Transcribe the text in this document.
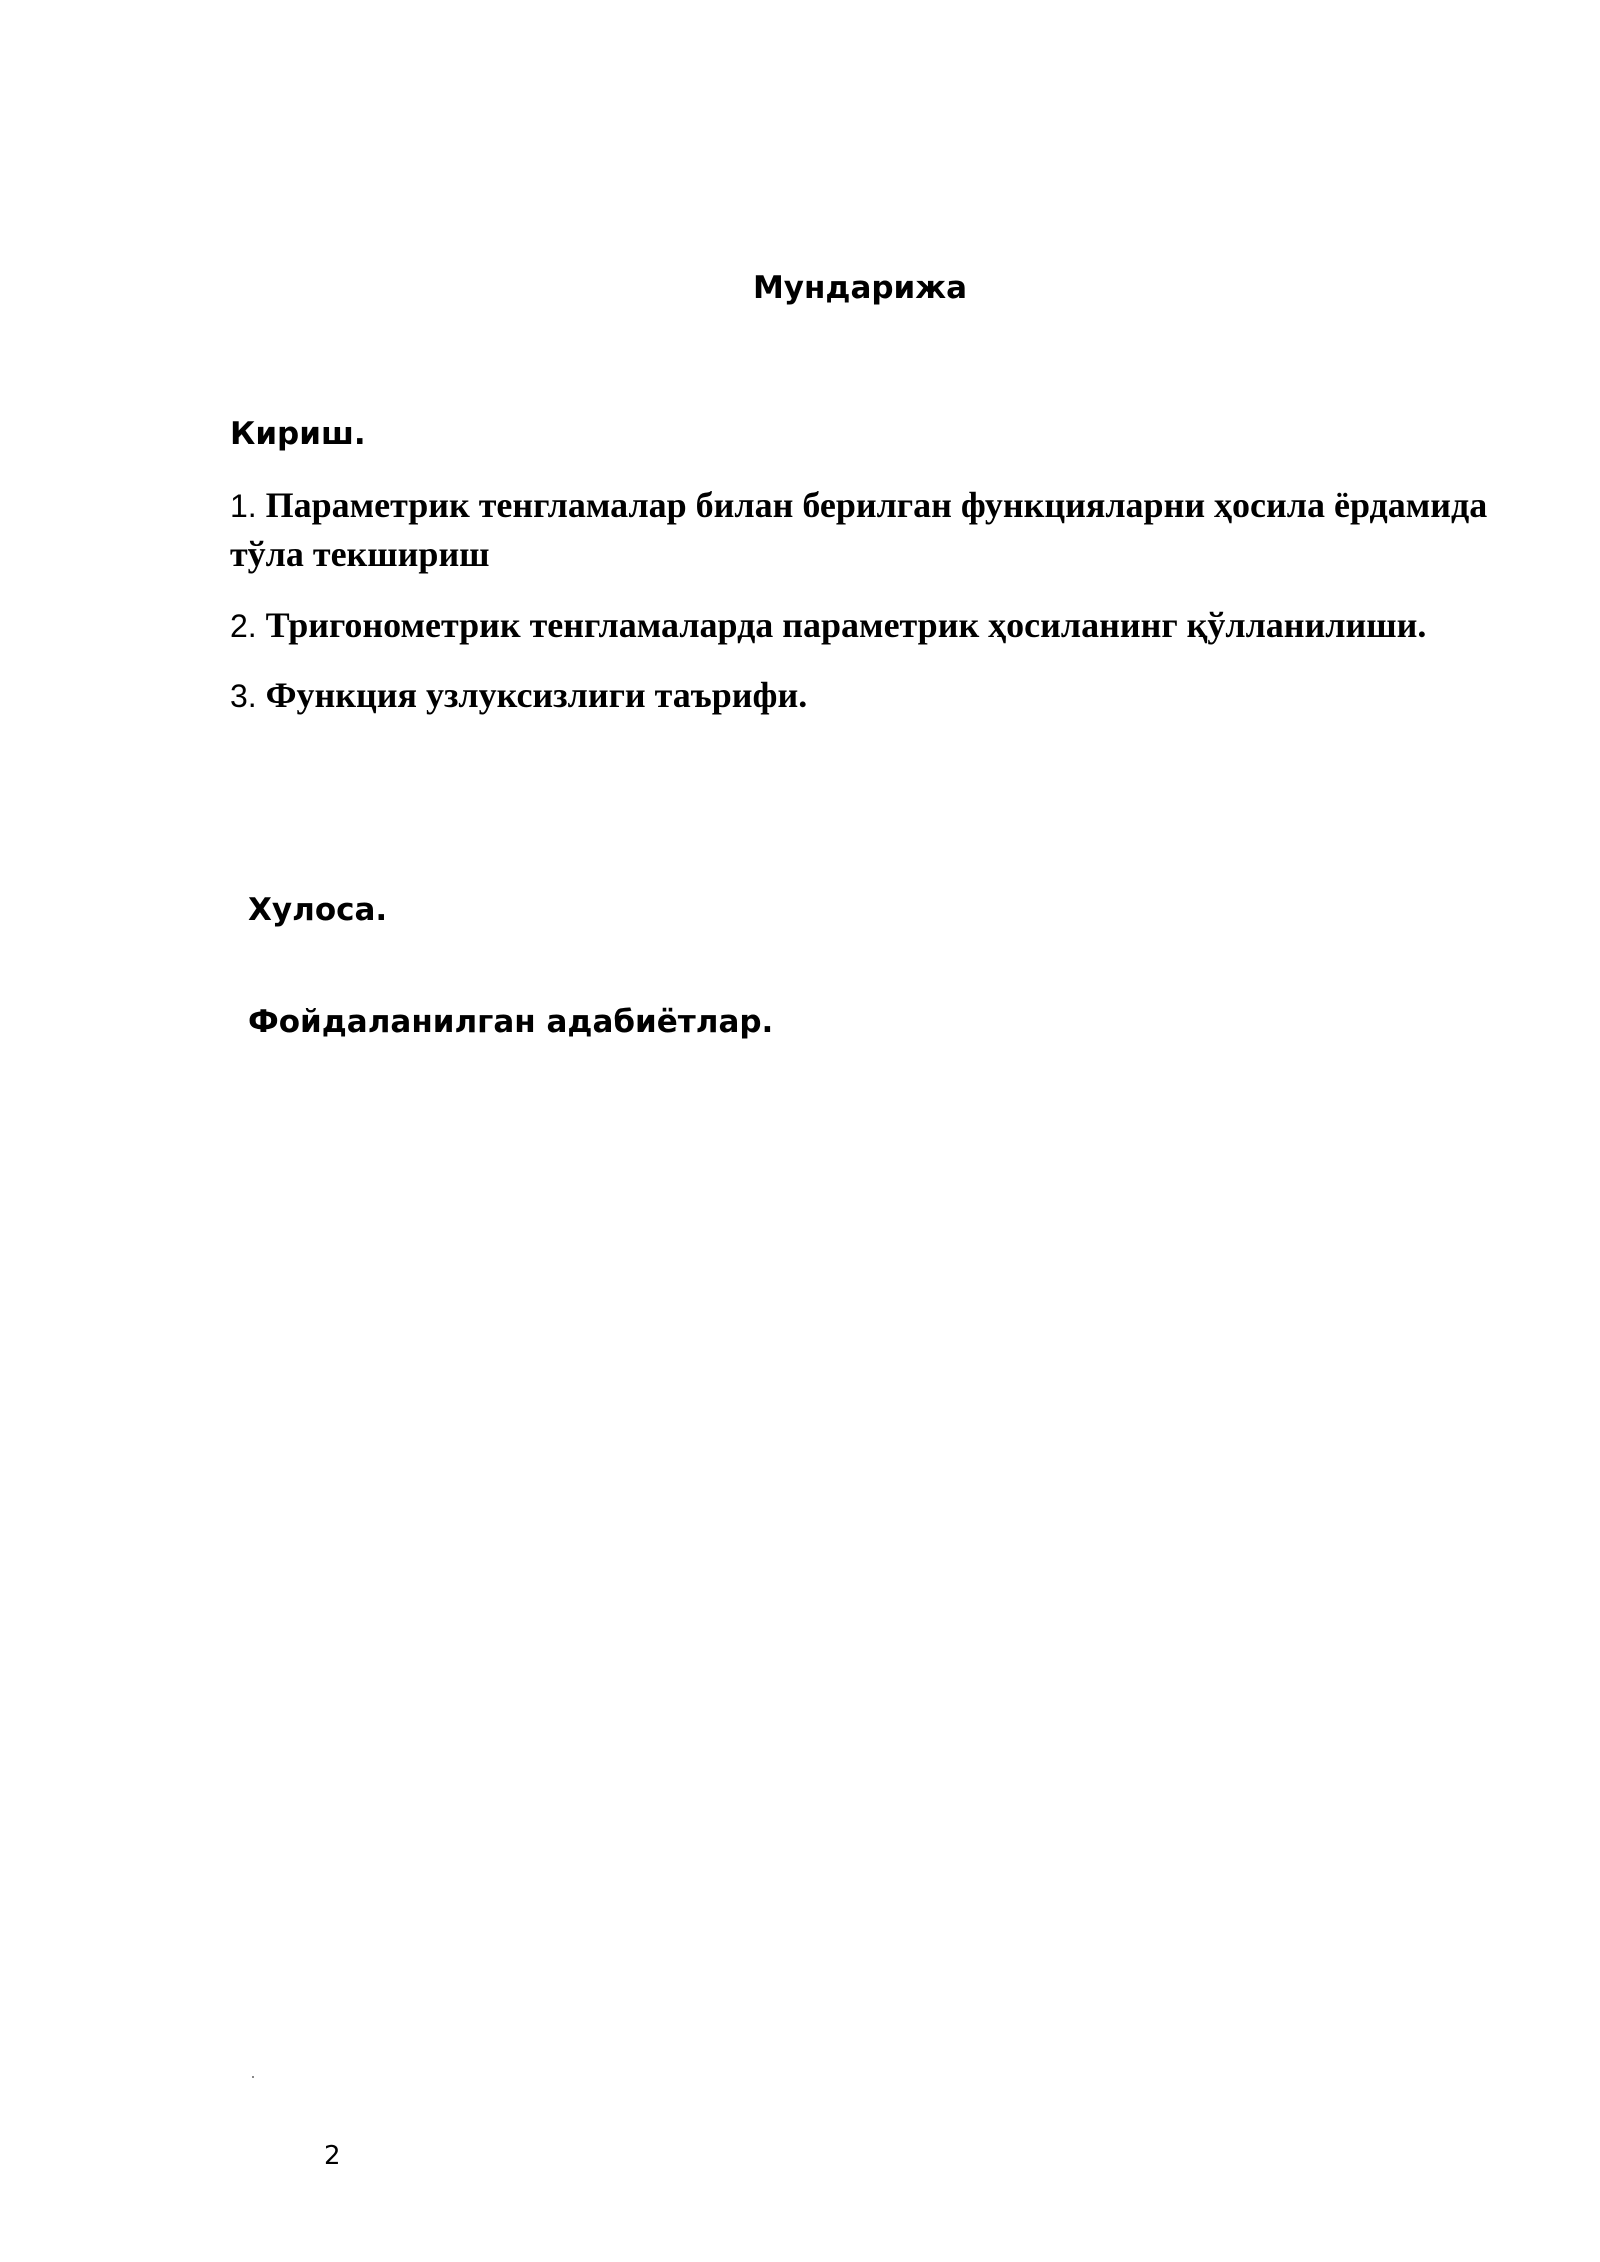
Мундарижа
Кириш.
1. Параметрик тенгламалар билан берилган функцияларни ҳосила ёрдамида тўла текшириш
2. Тригонометрик тенгламаларда параметрик ҳосиланинг қўлланилиши.
3. Функция узлуксизлиги таърифи.
Хулоса.
Фойдаланилган адабиётлар.
2
